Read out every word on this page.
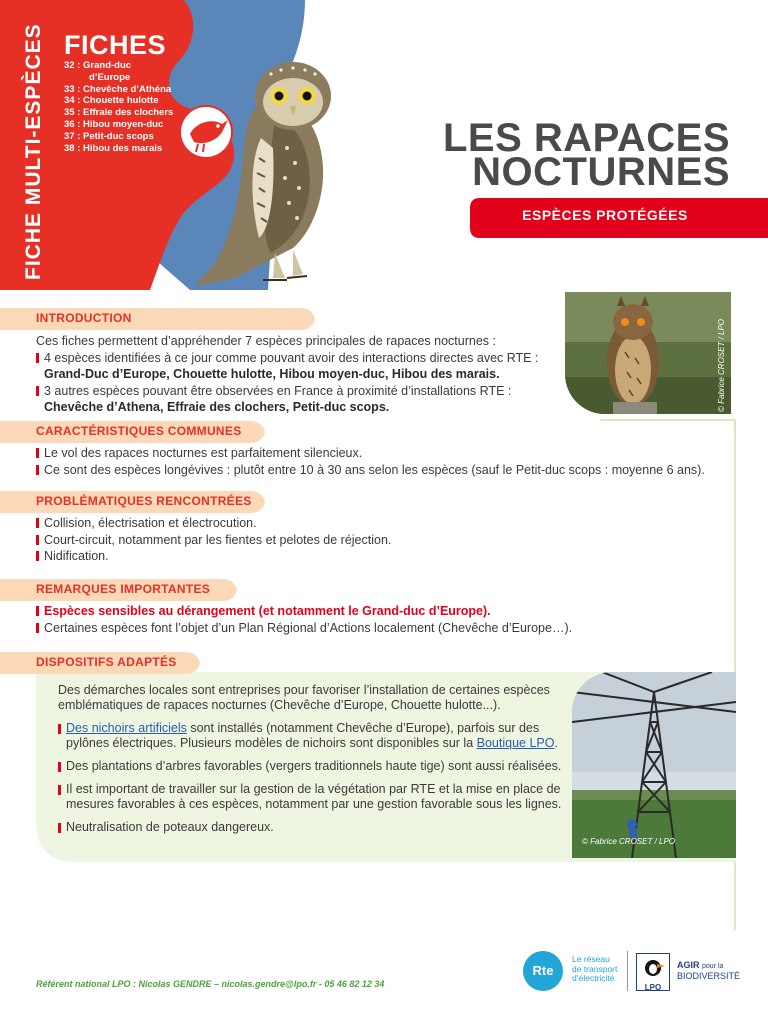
FICHE MULTI-ESPÈCES FICHES
32 : Grand-duc
d’Europe
33 : Chevêche d’Athéna
34 : Chouette hulotte
35 : Effraie des clochers
36 : Hibou moyen-duc
37 : Petit-duc scops
38 : Hibou des marais	LES RAPACES
NOCTURNES
ESPÈCES PROTÉGÉES
INTRODUCTION
Ces fiches permettent d’appréhender 7 espèces principales de rapaces nocturnes :
4 espèces identifiées à ce jour comme pouvant avoir des interactions directes avec RTE :
Grand-Duc d’Europe, Chouette hulotte, Hibou moyen-duc, Hibou des marais.
3 autres espèces pouvant être observées en France à proximité d’installations RTE :
Chevêche d’Athena, Effraie des clochers, Petit-duc scops.	© Fabrice CROSET / LPO
CARACTÉRISTIQUES COMMUNES
Le vol des rapaces nocturnes est parfaitement silencieux.
Ce sont des espèces longévives : plutôt entre 10 à 30 ans selon les espèces (sauf le Petit-duc scops : moyenne 6 ans).
PROBLÉMATIQUES RENCONTRÉES
Collision, électrisation et électrocution.
Court-circuit, notamment par les fientes et pelotes de réjection.
Nidification.
REMARQUES IMPORTANTES
Espèces sensibles au dérangement (et notamment le Grand-duc d’Europe).
Certaines espèces font l’objet d’un Plan Régional d’Actions localement (Chevêche d’Europe…).
DISPOSITIFS ADAPTÉS
Des démarches locales sont entreprises pour favoriser l’installation de certaines espèces emblématiques de rapaces nocturnes (Chevêche d’Europe, Chouette hulotte...).
Des nichoirs artificiels sont installés (notamment Chevêche d’Europe), parfois sur des pylônes électriques. Plusieurs modèles de nichoirs sont disponibles sur la Boutique LPO.
Des plantations d’arbres favorables (vergers traditionnels haute tige) sont aussi réalisées.
Il est important de travailler sur la gestion de la végétation par RTE et la mise en place de mesures favorables à ces espèces, notamment par une gestion favorable sous les lignes.
Neutralisation de poteaux dangereux.
© Fabrice CROSET / LPO
Référent national LPO : Nicolas GENDRE – nicolas.gendre@lpo.fr - 05 46 82 12 34
Rte
Le réseau
de transport
d’électricité
LPO
AGIR pour la
BIODIVERSITÉ
